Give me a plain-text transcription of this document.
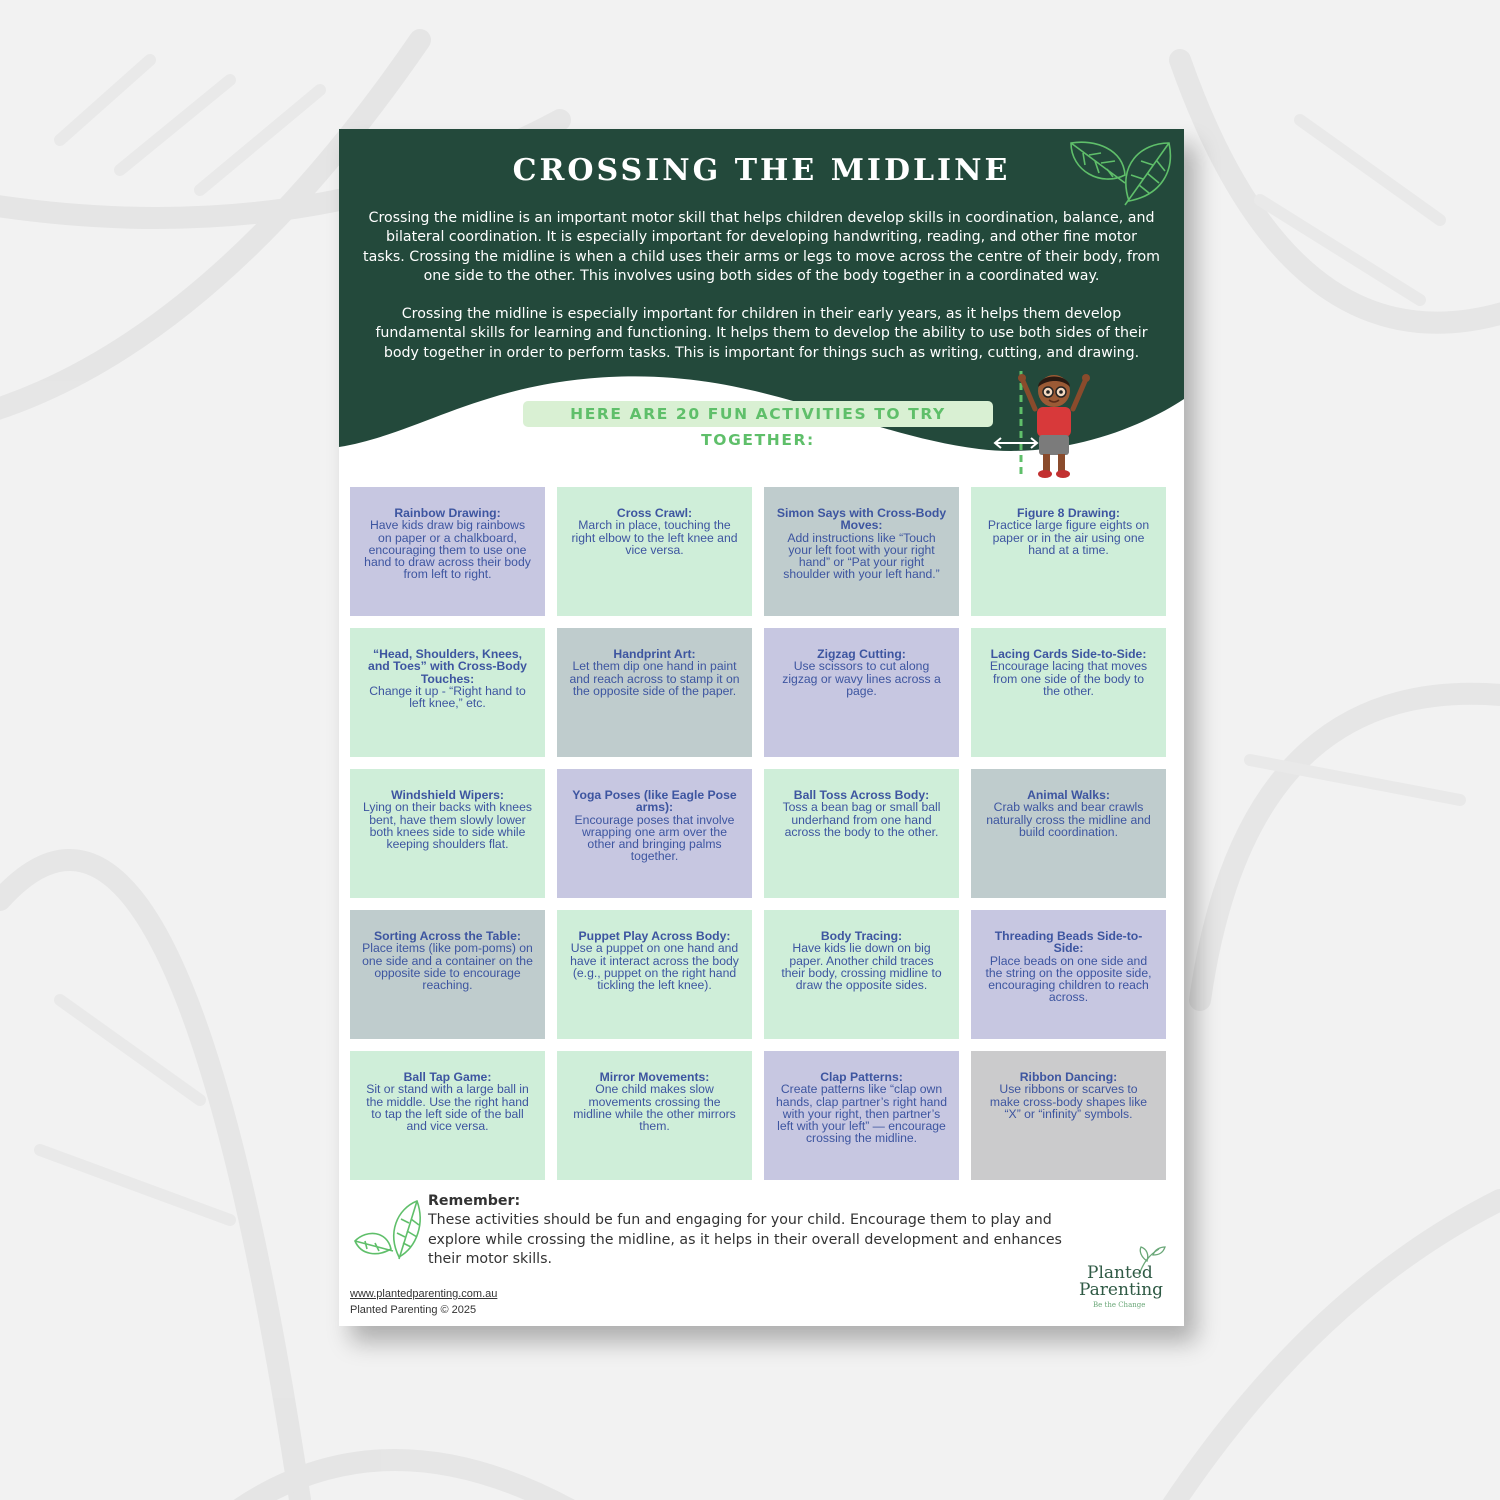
CROSSING THE MIDLINE

Crossing the midline is an important motor skill that helps children develop skills in coordination, balance, and bilateral coordination. It is especially important for developing handwriting, reading, and other fine motor tasks. Crossing the midline is when a child uses their arms or legs to move across the centre of their body, from one side to the other. This involves using both sides of the body together in a coordinated way.

Crossing the midline is especially important for children in their early years, as it helps them develop fundamental skills for learning and functioning. It helps them to develop the ability to use both sides of their body together in order to perform tasks. This is important for things such as writing, cutting, and drawing.

HERE ARE 20 FUN ACTIVITIES TO TRY TOGETHER:
Rainbow Drawing:
Have kids draw big rainbows on paper or a chalkboard, encouraging them to use one hand to draw across their body from left to right.
Cross Crawl:
March in place, touching the right elbow to the left knee and vice versa.
Simon Says with Cross-Body Moves:
Add instructions like “Touch your left foot with your right hand” or “Pat your right shoulder with your left hand.”
Figure 8 Drawing:
Practice large figure eights on paper or in the air using one hand at a time.
“Head, Shoulders, Knees, and Toes” with Cross-Body Touches:
Change it up - “Right hand to left knee,” etc.
Handprint Art:
Let them dip one hand in paint and reach across to stamp it on the opposite side of the paper.
Zigzag Cutting:
Use scissors to cut along zigzag or wavy lines across a page.
Lacing Cards Side-to-Side:
Encourage lacing that moves from one side of the body to the other.
Windshield Wipers:
Lying on their backs with knees bent, have them slowly lower both knees side to side while keeping shoulders flat.
Yoga Poses (like Eagle Pose arms):
Encourage poses that involve wrapping one arm over the other and bringing palms together.
Ball Toss Across Body:
Toss a bean bag or small ball underhand from one hand across the body to the other.
Animal Walks:
Crab walks and bear crawls naturally cross the midline and build coordination.
Sorting Across the Table:
Place items (like pom-poms) on one side and a container on the opposite side to encourage reaching.
Puppet Play Across Body:
Use a puppet on one hand and have it interact across the body (e.g., puppet on the right hand tickling the left knee).
Body Tracing:
Have kids lie down on big paper. Another child traces their body, crossing midline to draw the opposite sides.
Threading Beads Side-to-Side:
Place beads on one side and the string on the opposite side, encouraging children to reach across.
Ball Tap Game:
Sit or stand with a large ball in the middle. Use the right hand to tap the left side of the ball and vice versa.
Mirror Movements:
One child makes slow movements crossing the midline while the other mirrors them.
Clap Patterns:
Create patterns like “clap own hands, clap partner’s right hand with your right, then partner’s left with your left” — encourage crossing the midline.
Ribbon Dancing:
Use ribbons or scarves to make cross-body shapes like “X” or “infinity” symbols.
Remember:
These activities should be fun and engaging for your child. Encourage them to play and explore while crossing the midline, as it helps in their overall development and enhances their motor skills.
www.plantedparenting.com.au
Planted Parenting © 2025
Planted
Parenting
Be the Change
